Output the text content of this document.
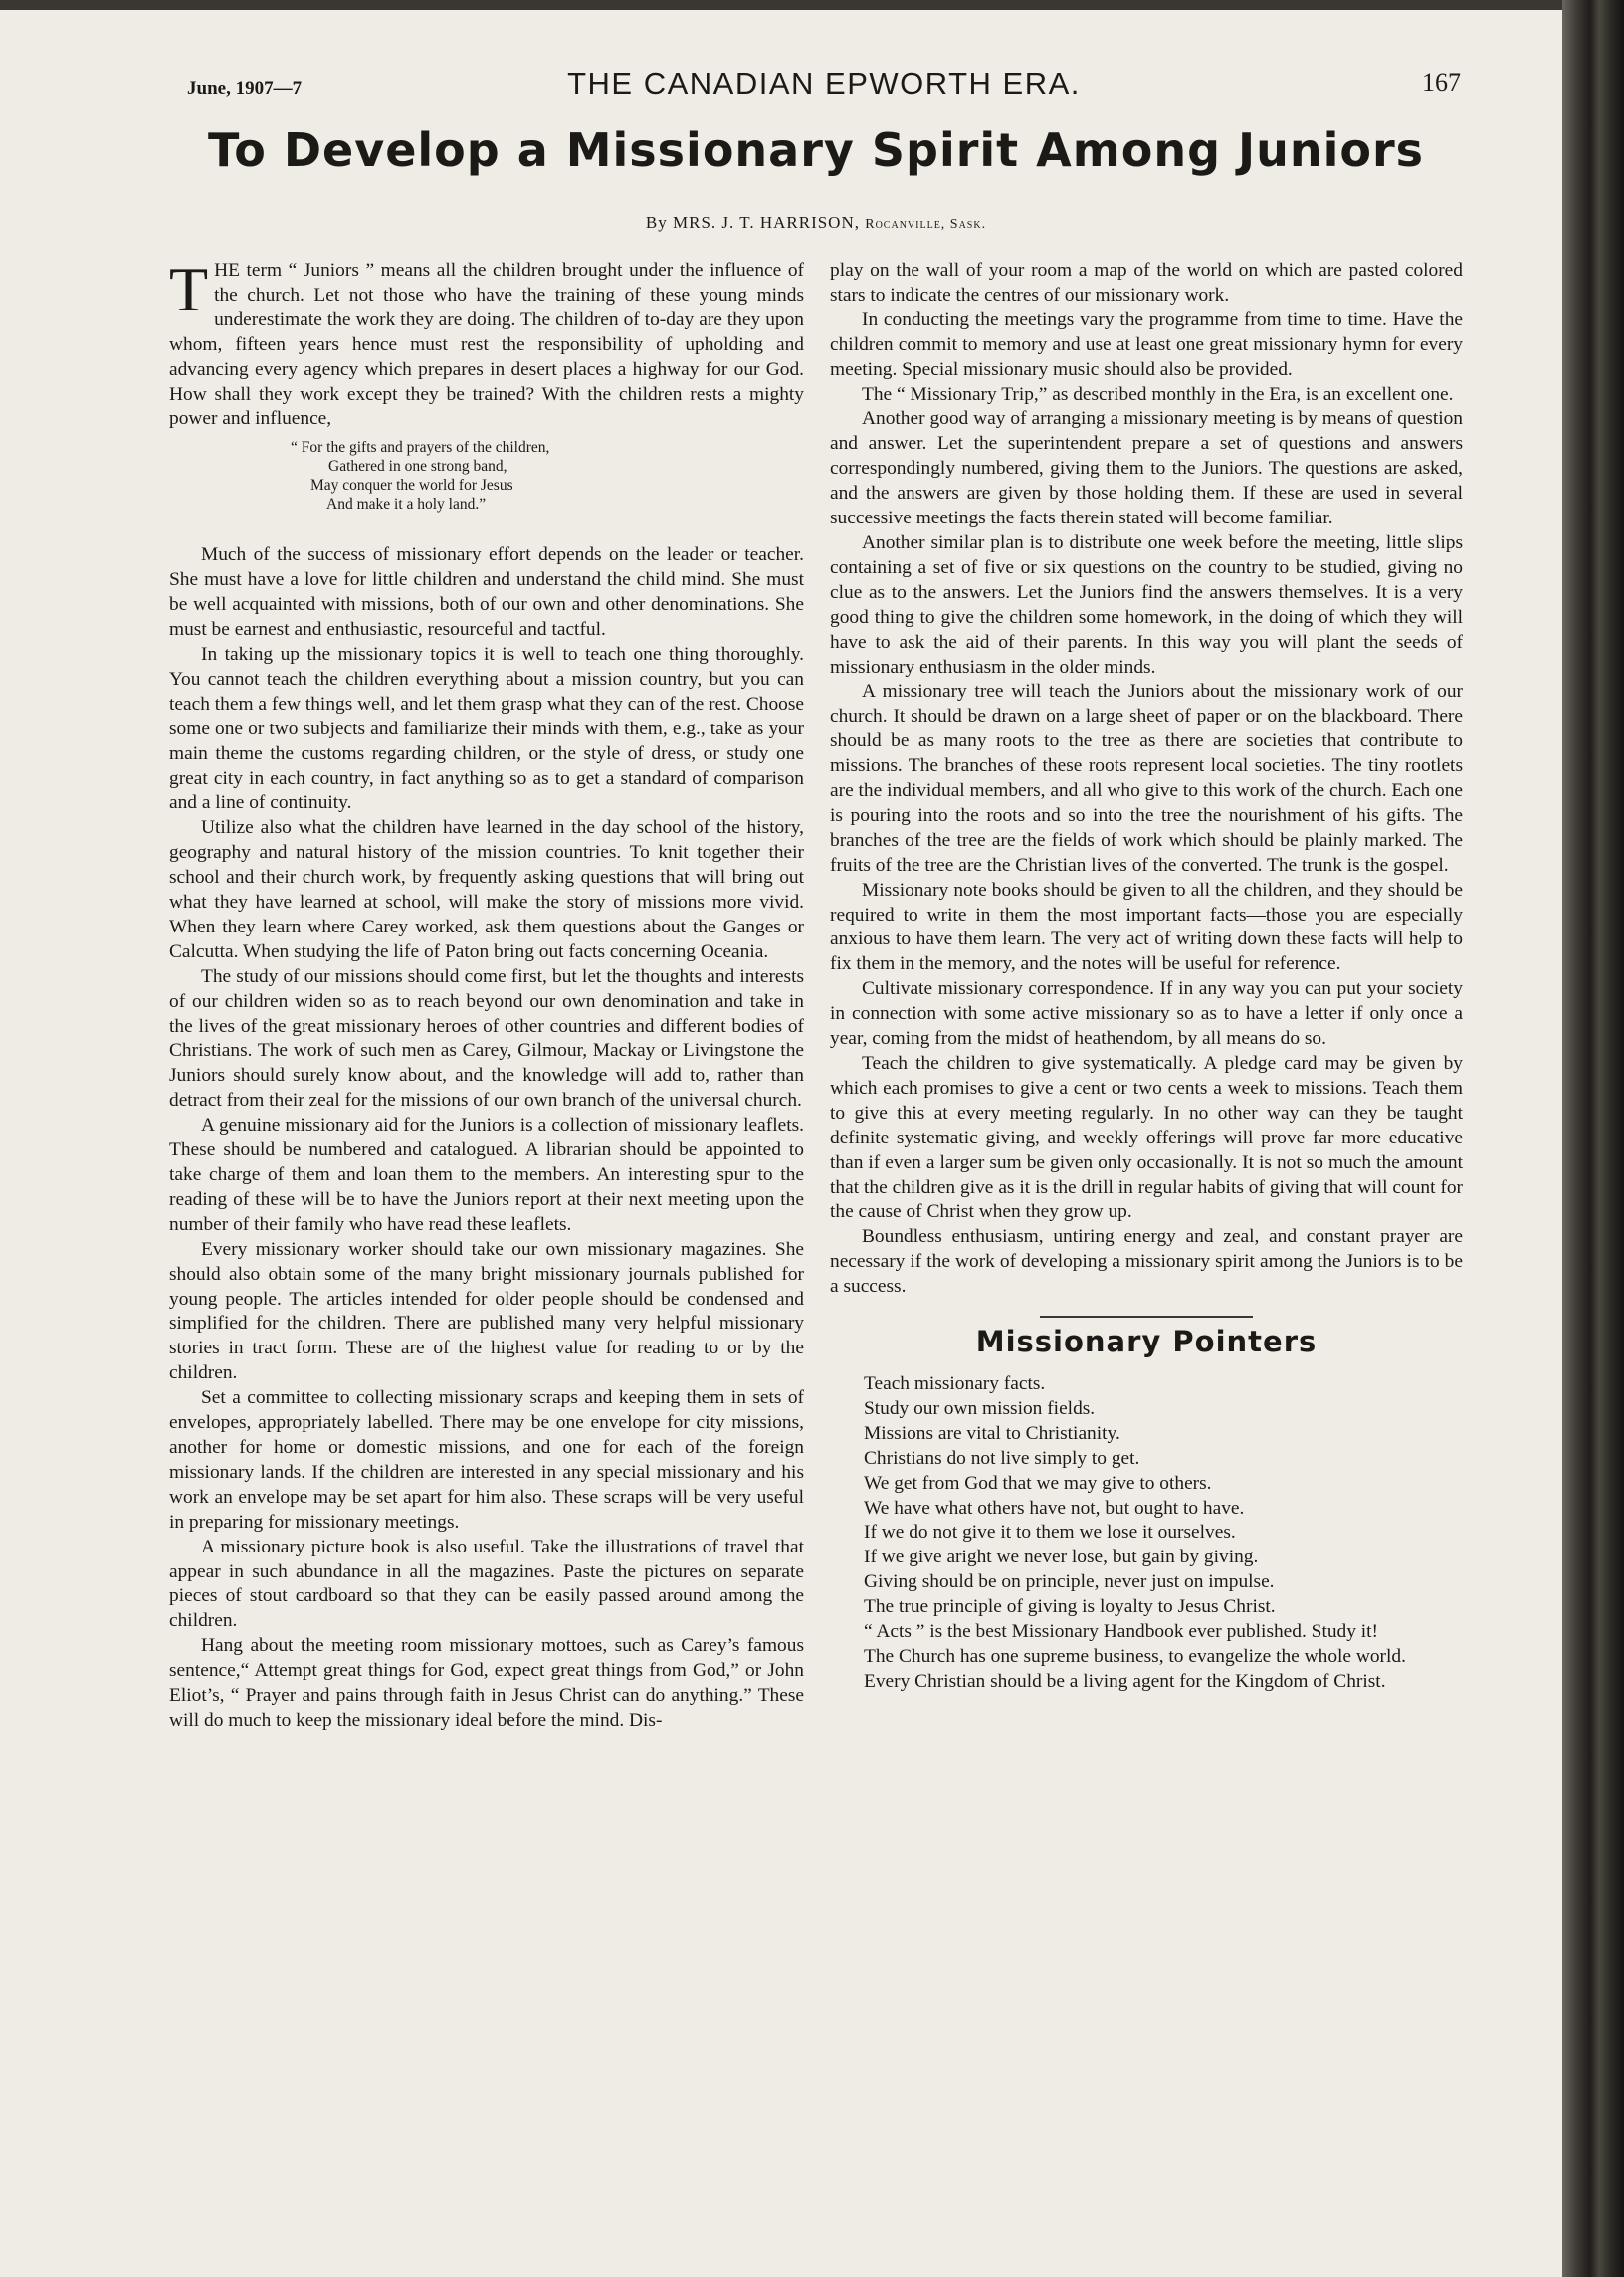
June, 1907—7	THE CANADIAN EPWORTH ERA.	167
To Develop a Missionary Spirit Among Juniors
By MRS. J. T. HARRISON, Rocanville, Sask.

THE term “ Juniors ” means all the children brought under the influence of the church. Let not those who have the training of these young minds underestimate the work they are doing. The children of to-day are they upon whom, fifteen years hence must rest the responsibility of upholding and advancing every agency which prepares in desert places a highway for our God. How shall they work except they be trained? With the children rests a mighty power and influence,

“ For the gifts and prayers of the children,
Gathered in one strong band,
May conquer the world for Jesus
And make it a holy land.”

Much of the success of missionary effort depends on the leader or teacher. She must have a love for little children and understand the child mind. She must be well acquainted with missions, both of our own and other denominations. She must be earnest and enthusiastic, resourceful and tactful.

In taking up the missionary topics it is well to teach one thing thoroughly. You cannot teach the children everything about a mission country, but you can teach them a few things well, and let them grasp what they can of the rest. Choose some one or two subjects and familiarize their minds with them, e.g., take as your main theme the customs regarding children, or the style of dress, or study one great city in each country, in fact anything so as to get a standard of comparison and a line of continuity.

Utilize also what the children have learned in the day school of the history, geography and natural history of the mission countries. To knit together their school and their church work, by frequently asking questions that will bring out what they have learned at school, will make the story of missions more vivid. When they learn where Carey worked, ask them questions about the Ganges or Calcutta. When studying the life of Paton bring out facts concerning Oceania.

The study of our missions should come first, but let the thoughts and interests of our children widen so as to reach beyond our own denomination and take in the lives of the great missionary heroes of other countries and different bodies of Christians. The work of such men as Carey, Gilmour, Mackay or Livingstone the Juniors should surely know about, and the knowledge will add to, rather than detract from their zeal for the missions of our own branch of the universal church.

A genuine missionary aid for the Juniors is a collection of missionary leaflets. These should be numbered and catalogued. A librarian should be appointed to take charge of them and loan them to the members. An interesting spur to the reading of these will be to have the Juniors report at their next meeting upon the number of their family who have read these leaflets.

Every missionary worker should take our own missionary magazines. She should also obtain some of the many bright missionary journals published for young people. The articles intended for older people should be condensed and simplified for the children. There are published many very helpful missionary stories in tract form. These are of the highest value for reading to or by the children.

Set a committee to collecting missionary scraps and keeping them in sets of envelopes, appropriately labelled. There may be one envelope for city missions, another for home or domestic missions, and one for each of the foreign missionary lands. If the children are interested in any special missionary and his work an envelope may be set apart for him also. These scraps will be very useful in preparing for missionary meetings.

A missionary picture book is also useful. Take the illustrations of travel that appear in such abundance in all the magazines. Paste the pictures on separate pieces of stout cardboard so that they can be easily passed around among the children.

Hang about the meeting room missionary mottoes, such as Carey’s famous sentence,“ Attempt great things for God, expect great things from God,” or John Eliot’s, “ Prayer and pains through faith in Jesus Christ can do anything.” These will do much to keep the missionary ideal before the mind. Dis-

play on the wall of your room a map of the world on which are pasted colored stars to indicate the centres of our missionary work.

In conducting the meetings vary the programme from time to time. Have the children commit to memory and use at least one great missionary hymn for every meeting. Special missionary music should also be provided.

The “ Missionary Trip,” as described monthly in the Era, is an excellent one.

Another good way of arranging a missionary meeting is by means of question and answer. Let the superintendent prepare a set of questions and answers correspondingly numbered, giving them to the Juniors. The questions are asked, and the answers are given by those holding them. If these are used in several successive meetings the facts therein stated will become familiar.

Another similar plan is to distribute one week before the meeting, little slips containing a set of five or six questions on the country to be studied, giving no clue as to the answers. Let the Juniors find the answers themselves. It is a very good thing to give the children some homework, in the doing of which they will have to ask the aid of their parents. In this way you will plant the seeds of missionary enthusiasm in the older minds.

A missionary tree will teach the Juniors about the missionary work of our church. It should be drawn on a large sheet of paper or on the blackboard. There should be as many roots to the tree as there are societies that contribute to missions. The branches of these roots represent local societies. The tiny rootlets are the individual members, and all who give to this work of the church. Each one is pouring into the roots and so into the tree the nourishment of his gifts. The branches of the tree are the fields of work which should be plainly marked. The fruits of the tree are the Christian lives of the converted. The trunk is the gospel.

Missionary note books should be given to all the children, and they should be required to write in them the most important facts—those you are especially anxious to have them learn. The very act of writing down these facts will help to fix them in the memory, and the notes will be useful for reference.

Cultivate missionary correspondence. If in any way you can put your society in connection with some active missionary so as to have a letter if only once a year, coming from the midst of heathendom, by all means do so.

Teach the children to give systematically. A pledge card may be given by which each promises to give a cent or two cents a week to missions. Teach them to give this at every meeting regularly. In no other way can they be taught definite systematic giving, and weekly offerings will prove far more educative than if even a larger sum be given only occasionally. It is not so much the amount that the children give as it is the drill in regular habits of giving that will count for the cause of Christ when they grow up.

Boundless enthusiasm, untiring energy and zeal, and constant prayer are necessary if the work of developing a missionary spirit among the Juniors is to be a success.

Missionary Pointers

Teach missionary facts.

Study our own mission fields.

Missions are vital to Christianity.

Christians do not live simply to get.

We get from God that we may give to others.

We have what others have not, but ought to have.

If we do not give it to them we lose it ourselves.

If we give aright we never lose, but gain by giving.

Giving should be on principle, never just on impulse.

The true principle of giving is loyalty to Jesus Christ.

“ Acts ” is the best Missionary Handbook ever published. Study it!

The Church has one supreme business, to evangelize the whole world.

Every Christian should be a living agent for the Kingdom of Christ.
